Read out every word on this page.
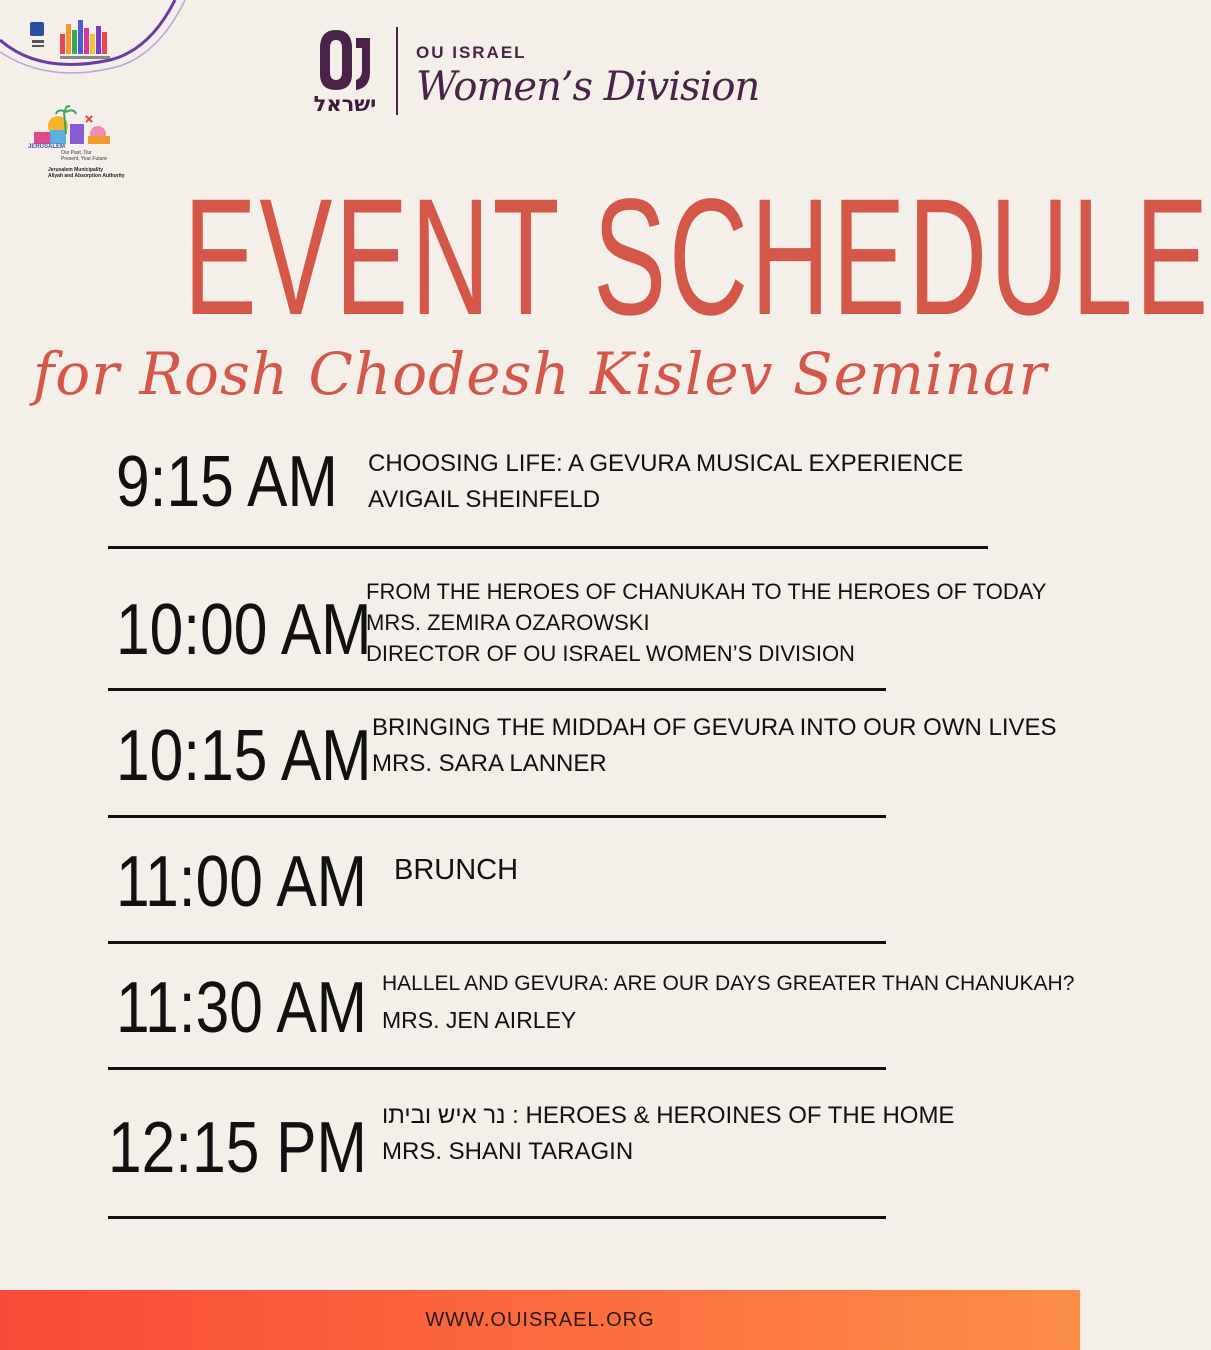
JERUSALEM
Our Past, Our Present, Your Future
Jerusalem Municipality
Aliyah and Absorption Authority
ישראל
OU ISRAEL
Women’s Division
EVENT SCHEDULE
for Rosh Chodesh Kislev Seminar
9:15 AM CHOOSING LIFE: A GEVURA MUSICAL EXPERIENCE
AVIGAIL SHEINFELD
10:00 AM
FROM THE HEROES OF CHANUKAH TO THE HEROES OF TODAY
MRS. ZEMIRA OZAROWSKI
DIRECTOR OF OU ISRAEL WOMEN’S DIVISION
10:15 AM BRINGING THE MIDDAH OF GEVURA INTO OUR OWN LIVES
MRS. SARA LANNER
11:00 AM BRUNCH
11:30 AM HALLEL AND GEVURA: ARE OUR DAYS GREATER THAN CHANUKAH?
MRS. JEN AIRLEY
12:15 PM נר איש וביתו : HEROES & HEROINES OF THE HOME
MRS. SHANI TARAGIN
WWW.OUISRAEL.ORG
